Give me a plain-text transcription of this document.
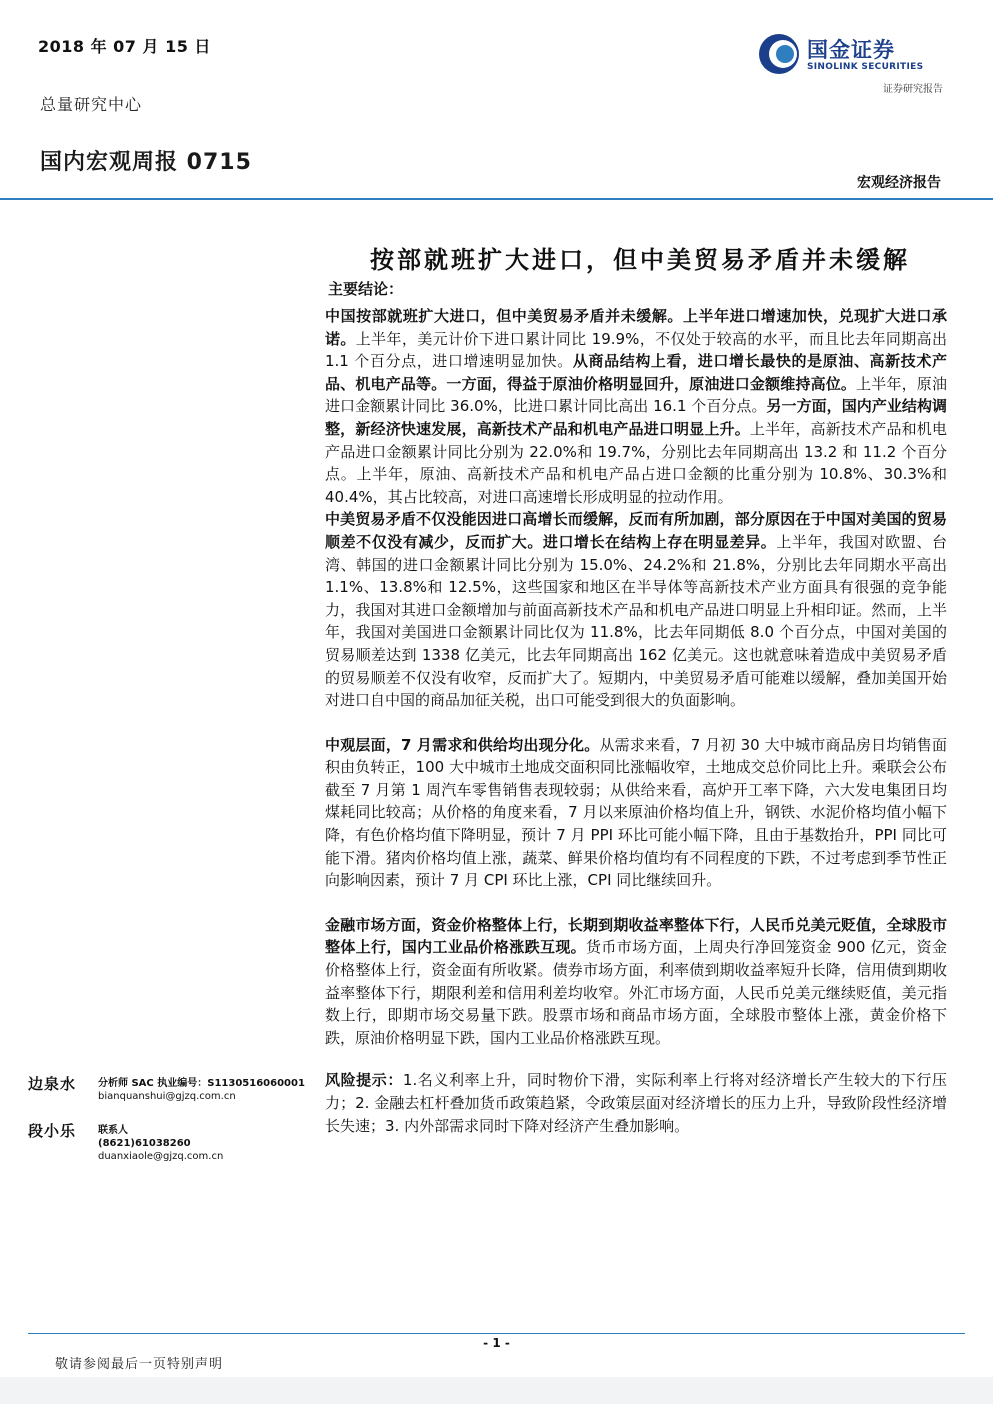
2018 年 07 月 15 日
总量研究中心
国内宏观周报 0715
宏观经济报告
国金证券
SINOLINK SECURITIES
证券研究报告
按部就班扩大进口，但中美贸易矛盾并未缓解
主要结论：

中国按部就班扩大进口，但中美贸易矛盾并未缓解。上半年进口增速加快，兑现扩大进口承诺。上半年，美元计价下进口累计同比 19.9%，不仅处于较高的水平，而且比去年同期高出 1.1 个百分点，进口增速明显加快。从商品结构上看，进口增长最快的是原油、高新技术产品、机电产品等。一方面，得益于原油价格明显回升，原油进口金额维持高位。上半年，原油进口金额累计同比 36.0%，比进口累计同比高出 16.1 个百分点。另一方面，国内产业结构调整，新经济快速发展，高新技术产品和机电产品进口明显上升。上半年，高新技术产品和机电产品进口金额累计同比分别为 22.0%和 19.7%，分别比去年同期高出 13.2 和 11.2 个百分点。上半年，原油、高新技术产品和机电产品占进口金额的比重分别为 10.8%、30.3%和 40.4%，其占比较高，对进口高速增长形成明显的拉动作用。

中美贸易矛盾不仅没能因进口高增长而缓解，反而有所加剧，部分原因在于中国对美国的贸易顺差不仅没有减少，反而扩大。进口增长在结构上存在明显差异。上半年，我国对欧盟、台湾、韩国的进口金额累计同比分别为 15.0%、24.2%和 21.8%，分别比去年同期水平高出 1.1%、13.8%和 12.5%，这些国家和地区在半导体等高新技术产业方面具有很强的竞争能力，我国对其进口金额增加与前面高新技术产品和机电产品进口明显上升相印证。然而，上半年，我国对美国进口金额累计同比仅为 11.8%，比去年同期低 8.0 个百分点，中国对美国的贸易顺差达到 1338 亿美元，比去年同期高出 162 亿美元。这也就意味着造成中美贸易矛盾的贸易顺差不仅没有收窄，反而扩大了。短期内，中美贸易矛盾可能难以缓解，叠加美国开始对进口自中国的商品加征关税，出口可能受到很大的负面影响。

中观层面，7 月需求和供给均出现分化。从需求来看，7 月初 30 大中城市商品房日均销售面积由负转正，100 大中城市土地成交面积同比涨幅收窄，土地成交总价同比上升。乘联会公布截至 7 月第 1 周汽车零售销售表现较弱；从供给来看，高炉开工率下降，六大发电集团日均煤耗同比较高；从价格的角度来看，7 月以来原油价格均值上升，钢铁、水泥价格均值小幅下降，有色价格均值下降明显，预计 7 月 PPI 环比可能小幅下降，且由于基数抬升，PPI 同比可能下滑。猪肉价格均值上涨，蔬菜、鲜果价格均值均有不同程度的下跌，不过考虑到季节性正向影响因素，预计 7 月 CPI 环比上涨，CPI 同比继续回升。

金融市场方面，资金价格整体上行，长期到期收益率整体下行，人民币兑美元贬值，全球股市整体上行，国内工业品价格涨跌互现。货币市场方面，上周央行净回笼资金 900 亿元，资金价格整体上行，资金面有所收紧。债券市场方面，利率债到期收益率短升长降，信用债到期收益率整体下行，期限利差和信用利差均收窄。外汇市场方面，人民币兑美元继续贬值，美元指数上行，即期市场交易量下跌。股票市场和商品市场方面，全球股市整体上涨，黄金价格下跌，原油价格明显下跌，国内工业品价格涨跌互现。

风险提示：1.名义利率上升，同时物价下滑，实际利率上行将对经济增长产生较大的下行压力；2. 金融去杠杆叠加货币政策趋紧，令政策层面对经济增长的压力上升，导致阶段性经济增长失速；3. 内外部需求同时下降对经济产生叠加影响。

边泉水 分析师 SAC 执业编号：S1130516060001
bianquanshui@gjzq.com.cn
段小乐 联系人
(8621)61038260
duanxiaole@gjzq.com.cn
- 1 -
敬请参阅最后一页特别声明
